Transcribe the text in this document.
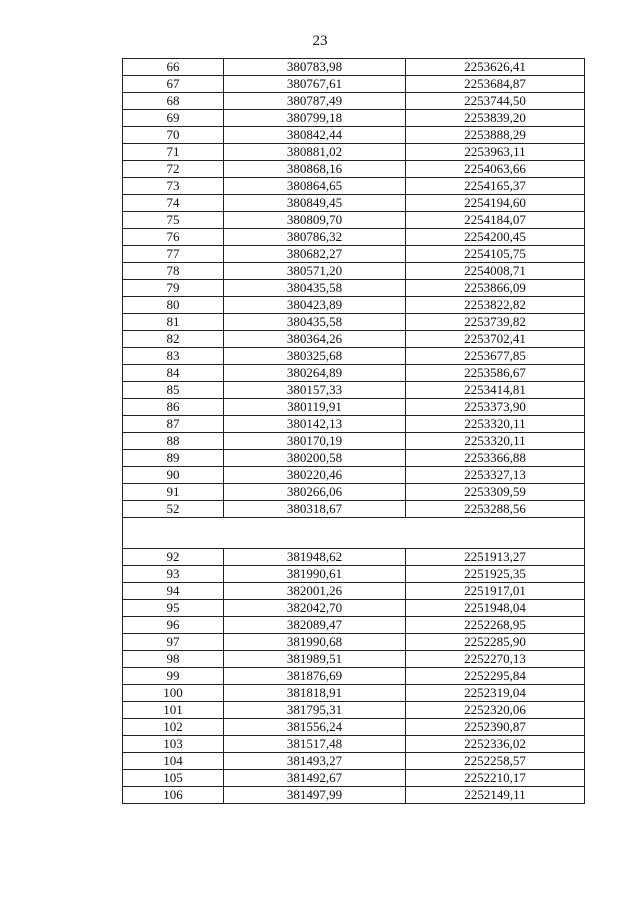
23
66	380783,98	2253626,41
67	380767,61	2253684,87
68	380787,49	2253744,50
69	380799,18	2253839,20
70	380842,44	2253888,29
71	380881,02	2253963,11
72	380868,16	2254063,66
73	380864,65	2254165,37
74	380849,45	2254194,60
75	380809,70	2254184,07
76	380786,32	2254200,45
77	380682,27	2254105,75
78	380571,20	2254008,71
79	380435,58	2253866,09
80	380423,89	2253822,82
81	380435,58	2253739,82
82	380364,26	2253702,41
83	380325,68	2253677,85
84	380264,89	2253586,67
85	380157,33	2253414,81
86	380119,91	2253373,90
87	380142,13	2253320,11
88	380170,19	2253320,11
89	380200,58	2253366,88
90	380220,46	2253327,13
91	380266,06	2253309,59
52	380318,67	2253288,56

92	381948,62	2251913,27
93	381990,61	2251925,35
94	382001,26	2251917,01
95	382042,70	2251948,04
96	382089,47	2252268,95
97	381990,68	2252285,90
98	381989,51	2252270,13
99	381876,69	2252295,84
100	381818,91	2252319,04
101	381795,31	2252320,06
102	381556,24	2252390,87
103	381517,48	2252336,02
104	381493,27	2252258,57
105	381492,67	2252210,17
106	381497,99	2252149,11
